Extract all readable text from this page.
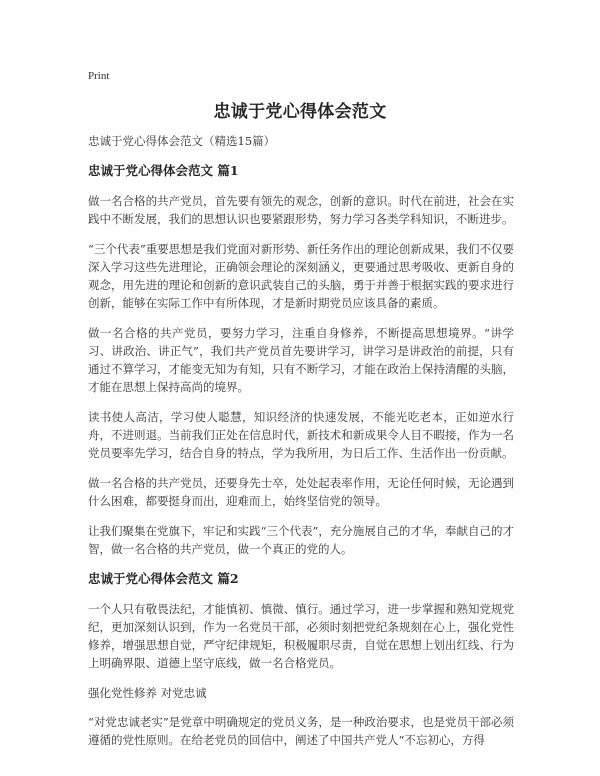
Print
忠诚于党心得体会范文

忠诚于党心得体会范文（精选15篇）

忠诚于党心得体会范文 篇1

做一名合格的共产党员，首先要有领先的观念，创新的意识。时代在前进，社会在实践中不断发展，我们的思想认识也要紧跟形势，努力学习各类学科知识，不断进步。

“三个代表”重要思想是我们党面对新形势、新任务作出的理论创新成果，我们不仅要深入学习这些先进理论，正确领会理论的深刻涵义，更要通过思考吸收、更新自身的观念，用先进的理论和创新的意识武装自己的头脑，勇于并善于根据实践的要求进行创新，能够在实际工作中有所体现，才是新时期党员应该具备的素质。

做一名合格的共产党员，要努力学习，注重自身修养，不断提高思想境界。“讲学习、讲政治、讲正气”，我们共产党员首先要讲学习，讲学习是讲政治的前提，只有通过不算学习，才能变无知为有知，只有不断学习，才能在政治上保持清醒的头脑，才能在思想上保持高尚的境界。

读书使人高洁，学习使人聪慧，知识经济的快速发展，不能光吃老本，正如逆水行舟，不进则退。当前我们正处在信息时代，新技术和新成果令人目不暇接，作为一名党员要率先学习，结合自身的特点，学为我所用，为日后工作、生活作出一份贡献。

做一名合格的共产党员，还要身先士卒，处处起表率作用，无论任何时候，无论遇到什么困难，都要挺身而出，迎难而上，始终坚信党的领导。

让我们聚集在党旗下，牢记和实践“三个代表”，充分施展自己的才华，奉献自己的才智，做一名合格的共产党员，做一个真正的党的人。

忠诚于党心得体会范文 篇2

一个人只有敬畏法纪，才能慎初、慎微、慎行。通过学习，进一步掌握和熟知党规党纪，更加深刻认识到，作为一名党员干部，必须时刻把党纪条规刻在心上，强化党性修养，增强思想自觉，严守纪律规矩，积极履职尽责，自觉在思想上划出红线、行为上明确界限、道德上坚守底线，做一名合格党员。

强化党性修养 对党忠诚

“对党忠诚老实”是党章中明确规定的党员义务，是一种政治要求，也是党员干部必须遵循的党性原则。在给老党员的回信中，阐述了中国共产党人“不忘初心，方得
